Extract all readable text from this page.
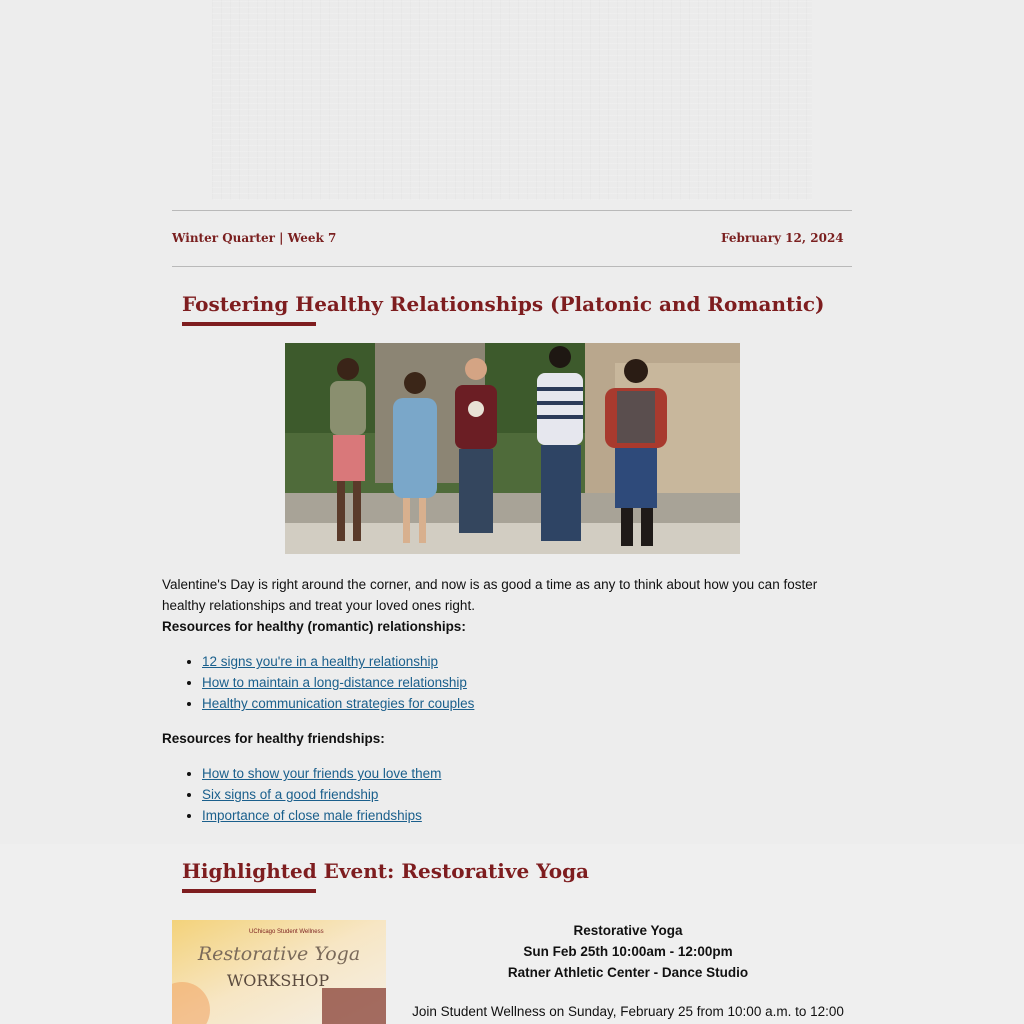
Winter Quarter | Week 7	February 12, 2024
Fostering Healthy Relationships (Platonic and Romantic)
Valentine's Day is right around the corner, and now is as good a time as any to think about how you can foster healthy relationships and treat your loved ones right.
Resources for healthy (romantic) relationships:
• 12 signs you're in a healthy relationship
• How to maintain a long-distance relationship
• Healthy communication strategies for couples
Resources for healthy friendships:
• How to show your friends you love them
• Six signs of a good friendship
• Importance of close male friendships
Highlighted Event: Restorative Yoga
UChicago Student Wellness
Restorative Yoga
WORKSHOP
Restorative Yoga
Sun Feb 25th 10:00am - 12:00pm
Ratner Athletic Center - Dance Studio
Join Student Wellness on Sunday, February 25 from 10:00 a.m. to 12:00
